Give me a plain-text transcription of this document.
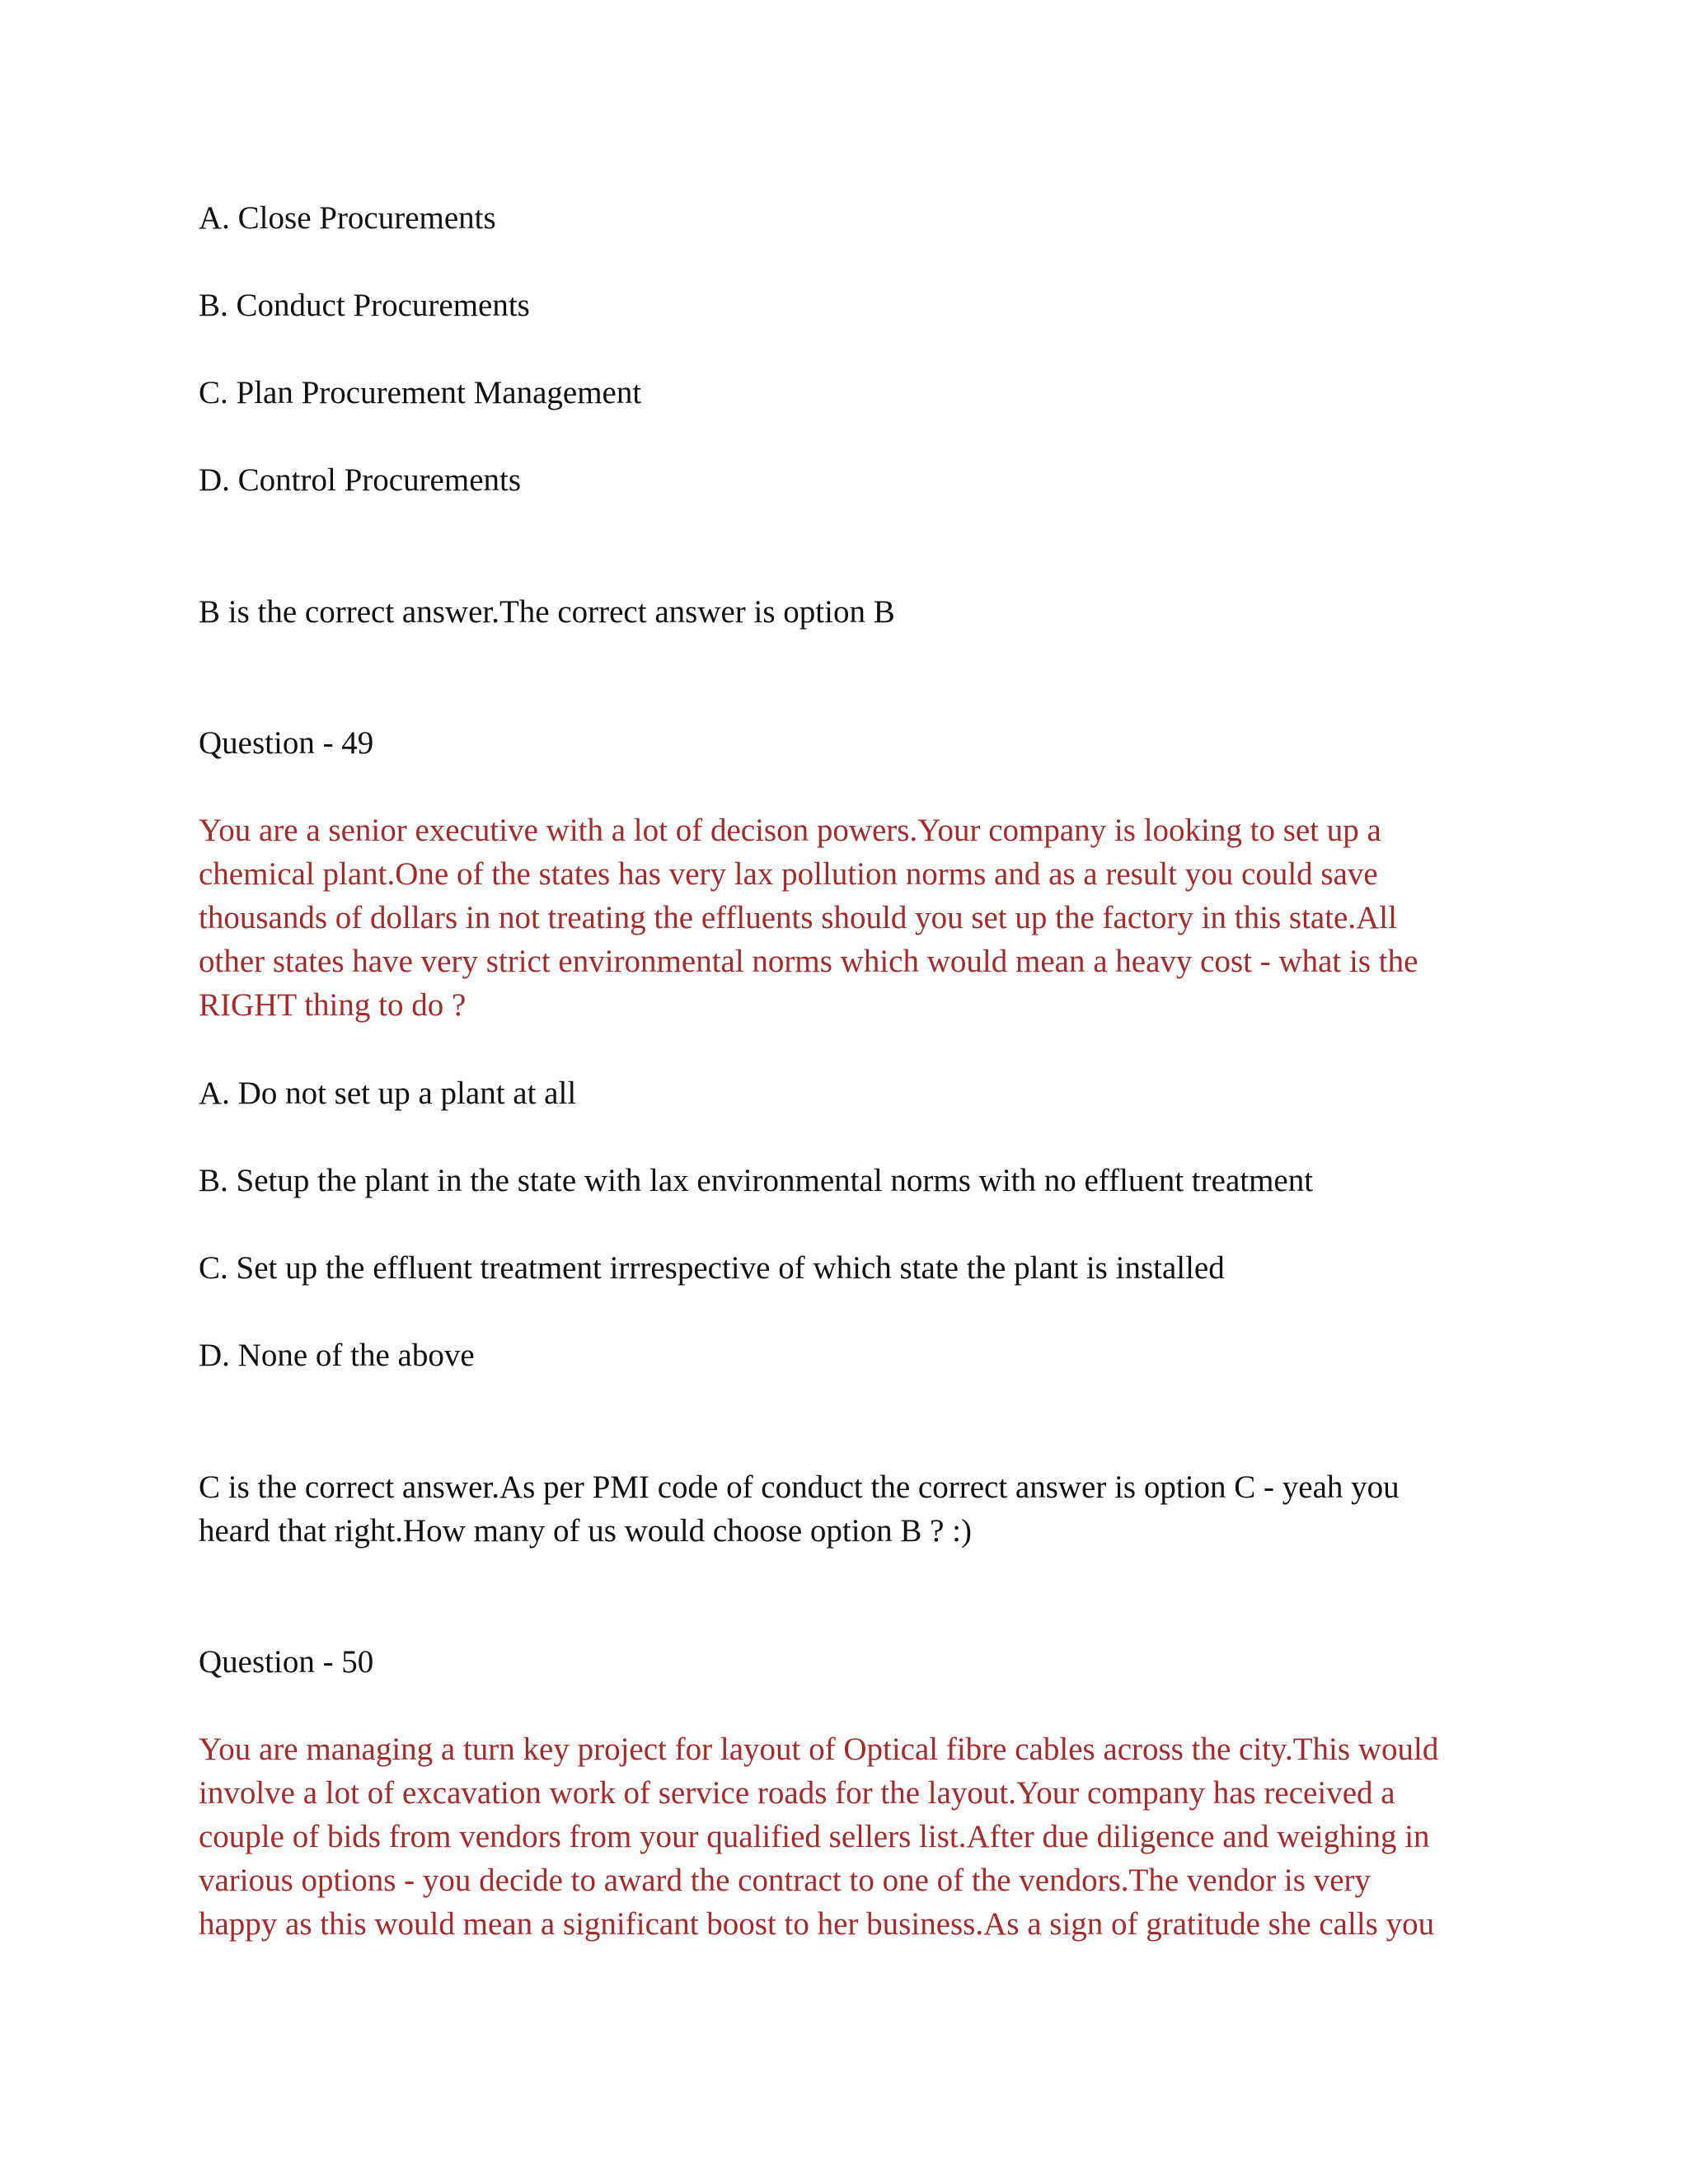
A. Close Procurements

B. Conduct Procurements

C. Plan Procurement Management

D. Control Procurements

B is the correct answer.The correct answer is option B

Question - 49

You are a senior executive with a lot of decison powers.Your company is looking to set up a

chemical plant.One of the states has very lax pollution norms and as a result you could save

thousands of dollars in not treating the effluents should you set up the factory in this state.All

other states have very strict environmental norms which would mean a heavy cost - what is the

RIGHT thing to do ?

A. Do not set up a plant at all

B. Setup the plant in the state with lax environmental norms with no effluent treatment

C. Set up the effluent treatment irrrespective of which state the plant is installed

D. None of the above

C is the correct answer.As per PMI code of conduct the correct answer is option C - yeah you

heard that right.How many of us would choose option B ? :)

Question - 50

You are managing a turn key project for layout of Optical fibre cables across the city.This would

involve a lot of excavation work of service roads for the layout.Your company has received a

couple of bids from vendors from your qualified sellers list.After due diligence and weighing in

various options - you decide to award the contract to one of the vendors.The vendor is very

happy as this would mean a significant boost to her business.As a sign of gratitude she calls you
